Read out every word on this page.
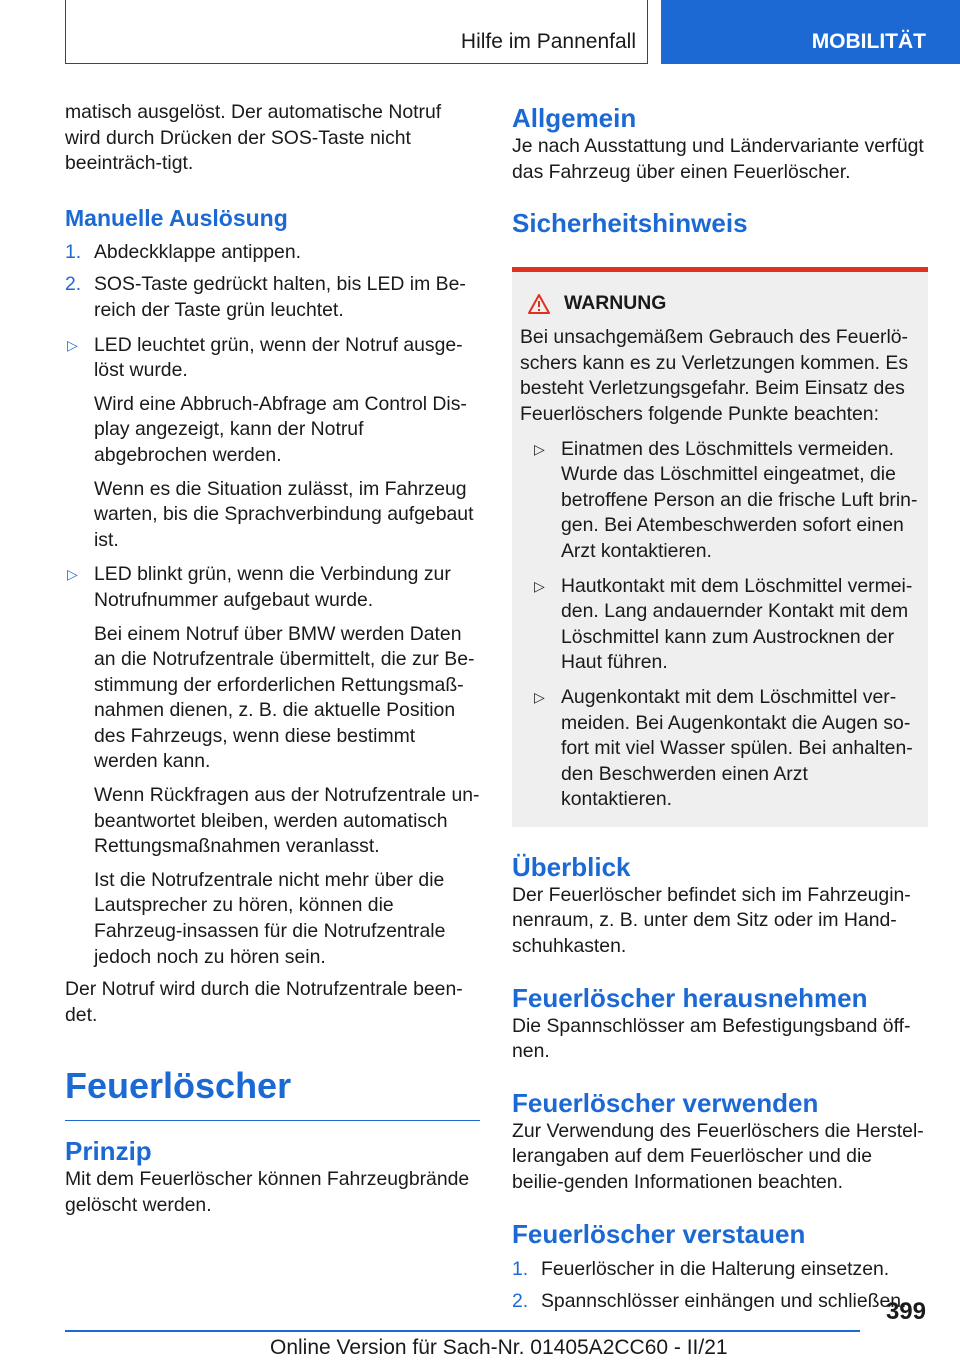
Hilfe im Pannenfall	MOBILITÄT

matisch ausgelöst. Der automatische Notruf wird durch Drücken der SOS-Taste nicht beeinträch-tigt.

Manuelle Auslösung
1. Abdeckklappe antippen.
2. SOS-Taste gedrückt halten, bis LED im Be-reich der Taste grün leuchtet.
▷ LED leuchtet grün, wenn der Notruf ausge-löst wurde.

Wird eine Abbruch-Abfrage am Control Dis-play angezeigt, kann der Notruf abgebrochen werden.

Wenn es die Situation zulässt, im Fahrzeug warten, bis die Sprachverbindung aufgebaut ist.

▷ LED blinkt grün, wenn die Verbindung zur Notrufnummer aufgebaut wurde.

Bei einem Notruf über BMW werden Daten an die Notrufzentrale übermittelt, die zur Be-stimmung der erforderlichen Rettungsmaß-nahmen dienen, z. B. die aktuelle Position des Fahrzeugs, wenn diese bestimmt werden kann.

Wenn Rückfragen aus der Notrufzentrale un-beantwortet bleiben, werden automatisch Rettungsmaßnahmen veranlasst.

Ist die Notrufzentrale nicht mehr über die Lautsprecher zu hören, können die Fahrzeug-insassen für die Notrufzentrale jedoch noch zu hören sein.

Der Notruf wird durch die Notrufzentrale been-det.

Feuerlöscher
Prinzip

Mit dem Feuerlöscher können Fahrzeugbrände gelöscht werden.

Allgemein

Je nach Ausstattung und Ländervariante verfügt das Fahrzeug über einen Feuerlöscher.

Sicherheitshinweis
WARNUNG

Bei unsachgemäßem Gebrauch des Feuerlö-schers kann es zu Verletzungen kommen. Es besteht Verletzungsgefahr. Beim Einsatz des Feuerlöschers folgende Punkte beachten:

▷ Einatmen des Löschmittels vermeiden. Wurde das Löschmittel eingeatmet, die betroffene Person an die frische Luft brin-gen. Bei Atembeschwerden sofort einen Arzt kontaktieren.

▷ Hautkontakt mit dem Löschmittel vermei-den. Lang andauernder Kontakt mit dem Löschmittel kann zum Austrocknen der Haut führen.

▷ Augenkontakt mit dem Löschmittel ver-meiden. Bei Augenkontakt die Augen so-fort mit viel Wasser spülen. Bei anhalten-den Beschwerden einen Arzt kontaktieren.

Überblick

Der Feuerlöscher befindet sich im Fahrzeugin-nenraum, z. B. unter dem Sitz oder im Hand-schuhkasten.

Feuerlöscher herausnehmen

Die Spannschlösser am Befestigungsband öff-nen.

Feuerlöscher verwenden

Zur Verwendung des Feuerlöschers die Herstel-lerangaben auf dem Feuerlöscher und die beilie-genden Informationen beachten.

Feuerlöscher verstauen
1. Feuerlöscher in die Halterung einsetzen.
2. Spannschlösser einhängen und schließen.
399
Online Version für Sach-Nr. 01405A2CC60 - II/21
